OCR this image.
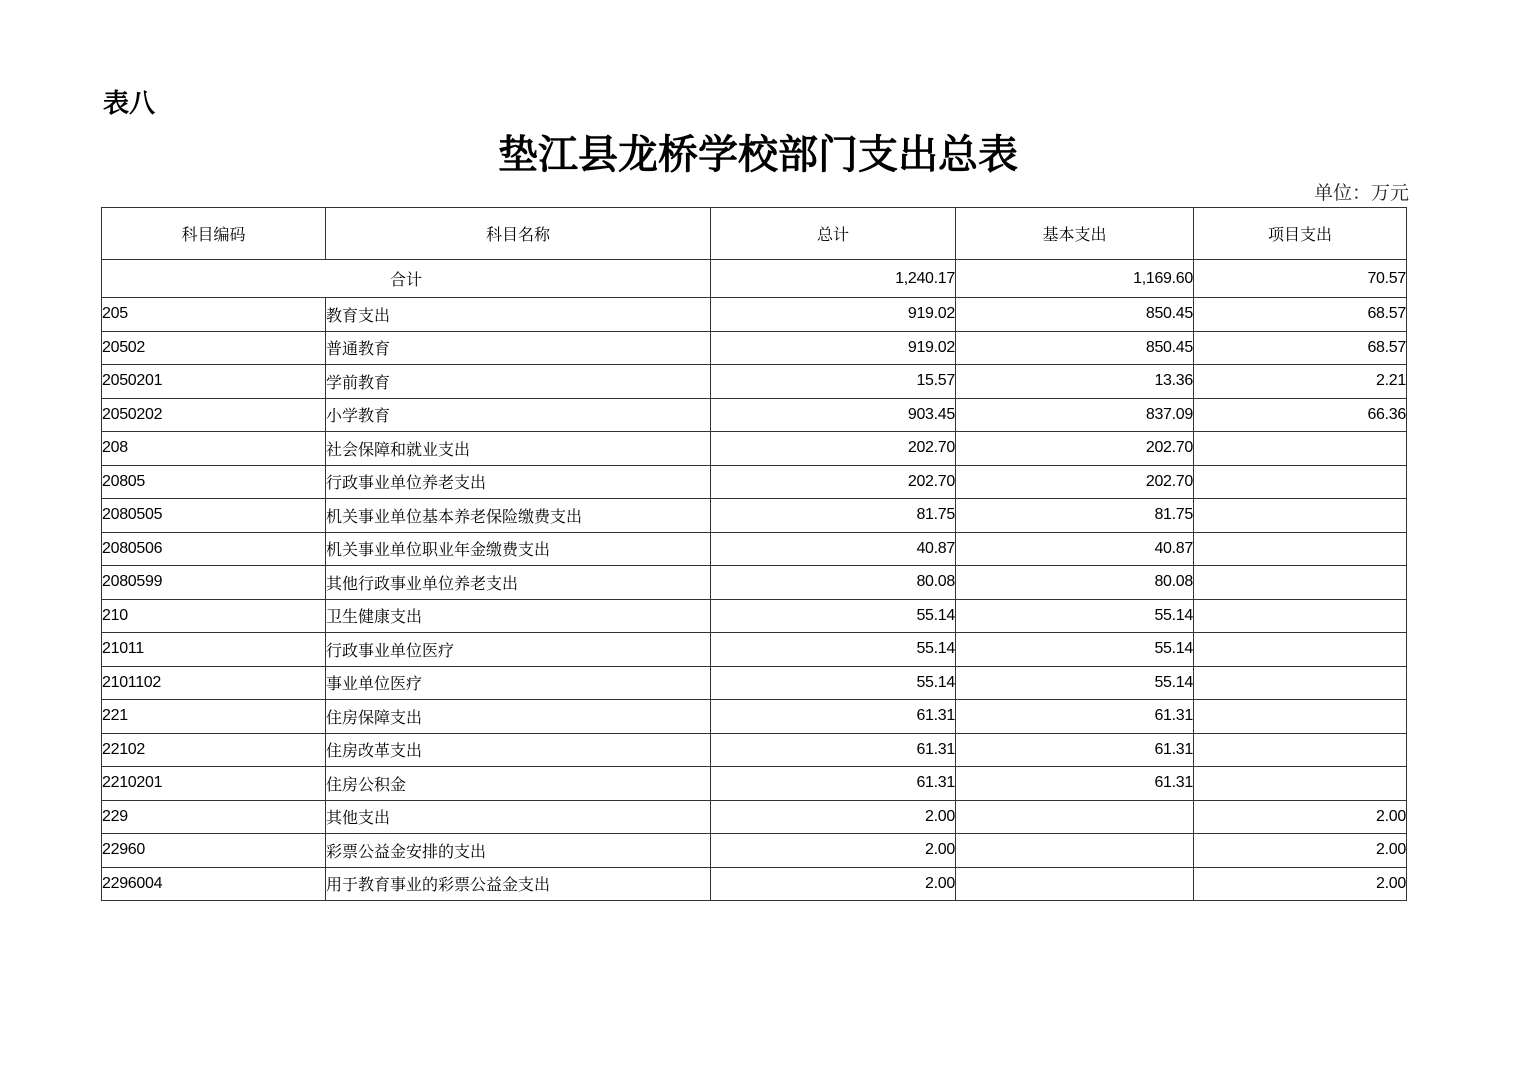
表八
垫江县龙桥学校部门支出总表
单位：万元
科目编码	科目名称	总计	基本支出	项目支出
合计		1,240.17	1,169.60	70.57
205	教育支出	919.02	850.45	68.57
20502	普通教育	919.02	850.45	68.57
2050201	学前教育	15.57	13.36	2.21
2050202	小学教育	903.45	837.09	66.36
208	社会保障和就业支出	202.70	202.70	
20805	行政事业单位养老支出	202.70	202.70	
2080505	机关事业单位基本养老保险缴费支出	81.75	81.75	
2080506	机关事业单位职业年金缴费支出	40.87	40.87	
2080599	其他行政事业单位养老支出	80.08	80.08	
210	卫生健康支出	55.14	55.14	
21011	行政事业单位医疗	55.14	55.14	
2101102	事业单位医疗	55.14	55.14	
221	住房保障支出	61.31	61.31	
22102	住房改革支出	61.31	61.31	
2210201	住房公积金	61.31	61.31	
229	其他支出	2.00		2.00
22960	彩票公益金安排的支出	2.00		2.00
2296004	用于教育事业的彩票公益金支出	2.00		2.00
